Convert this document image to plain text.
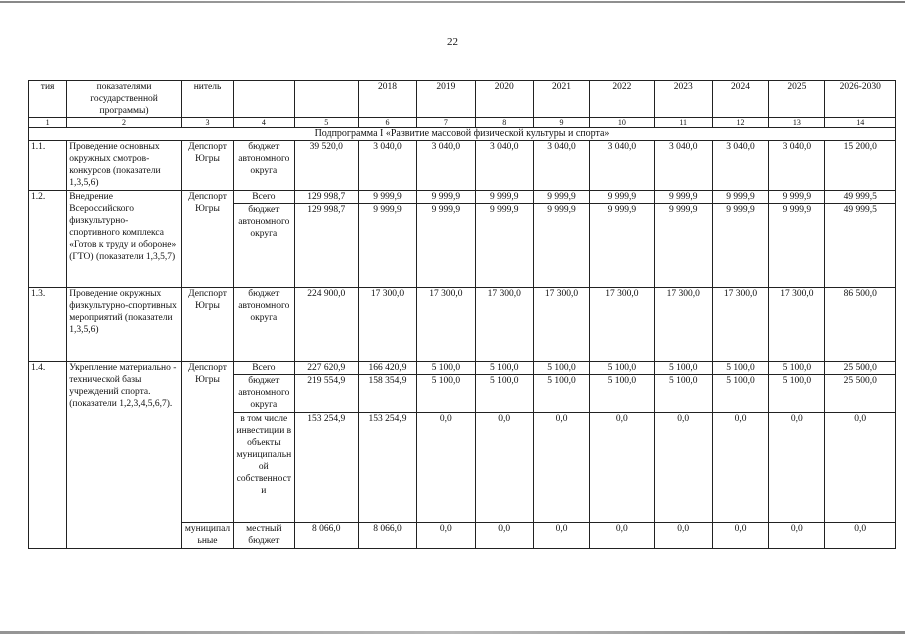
22
тия	показателями государственной программы)	нитель			2018	2019	2020	2021	2022	2023	2024	2025	2026-2030
1	2	3	4	5	6	7	8	9	10	11	12	13	14
Подпрограмма I «Развитие массовой физической культуры и спорта»													
1.1.	Проведение основных окружных смотров-конкурсов (показатели 1,3,5,6)	Депспорт Югры	бюджет автономного округа	39 520,0	3 040,0	3 040,0	3 040,0	3 040,0	3 040,0	3 040,0	3 040,0	3 040,0	15 200,0
1.2.	Внедрение Всероссийского физкультурно-спортивного комплекса «Готов к труду и обороне» (ГТО) (показатели 1,3,5,7)	Депспорт Югры	Всего	129 998,7	9 999,9	9 999,9	9 999,9	9 999,9	9 999,9	9 999,9	9 999,9	9 999,9	49 999,5
			бюджет автономного округа	129 998,7	9 999,9	9 999,9	9 999,9	9 999,9	9 999,9	9 999,9	9 999,9	9 999,9	49 999,5
1.3.	Проведение окружных физкультурно-спортивных мероприятий (показатели 1,3,5,6)	Депспорт Югры	бюджет автономного округа	224 900,0	17 300,0	17 300,0	17 300,0	17 300,0	17 300,0	17 300,0	17 300,0	17 300,0	86 500,0
1.4.	Укрепление материально - технической базы учреждений спорта. (показатели 1,2,3,4,5,6,7).	Депспорт Югры	Всего	227 620,9	166 420,9	5 100,0	5 100,0	5 100,0	5 100,0	5 100,0	5 100,0	5 100,0	25 500,0
			бюджет автономного округа	219 554,9	158 354,9	5 100,0	5 100,0	5 100,0	5 100,0	5 100,0	5 100,0	5 100,0	25 500,0
			в том числе инвестиции в объекты муниципальной собственности	153 254,9	153 254,9	0,0	0,0	0,0	0,0	0,0	0,0	0,0	0,0
		муниципальные	местный бюджет	8 066,0	8 066,0	0,0	0,0	0,0	0,0	0,0	0,0	0,0	0,0
